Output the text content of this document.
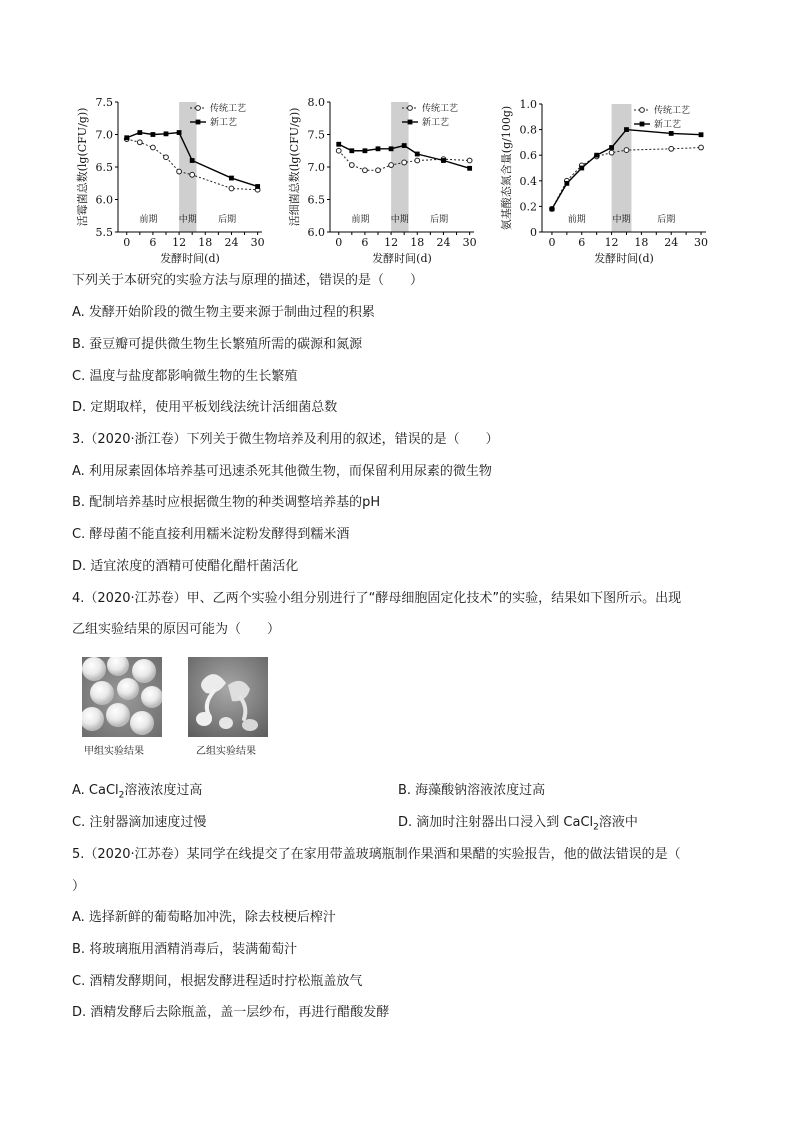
5.5
6.0
6.5
7.0
7.5
0 6 12 18 24 30
发酵时间(d)
活霉菌总数(lg(CFU/g))	前期 中期 后期
传统工艺
新工艺
6.0
6.5
7.0
7.5
8.0
0 6 12 18 24 30
发酵时间(d)
活细菌总数(lg(CFU/g))	前期 中期 后期
传统工艺
新工艺
0
0.2
0.4
0.6
0.8
1.0
0 6 12 18 24 30
发酵时间(d)
氨基酸态氮含量(g/100g)	前期	中期	后期
传统工艺
新工艺
下列关于本研究的实验方法与原理的描述，错误的是（　　）
A. 发酵开始阶段的微生物主要来源于制曲过程的积累
B. 蚕豆瓣可提供微生物生长繁殖所需的碳源和氮源
C. 温度与盐度都影响微生物的生长繁殖
D. 定期取样，使用平板划线法统计活细菌总数
3.（2020·浙江卷）下列关于微生物培养及利用的叙述，错误的是（　　）
A. 利用尿素固体培养基可迅速杀死其他微生物，而保留利用尿素的微生物
B. 配制培养基时应根据微生物的种类调整培养基的pH
C. 酵母菌不能直接利用糯米淀粉发酵得到糯米酒
D. 适宜浓度的酒精可使醋化醋杆菌活化
4.（2020·江苏卷）甲、乙两个实验小组分别进行了“酵母细胞固定化技术”的实验，结果如下图所示。出现
乙组实验结果的原因可能为（　　）
A. CaCl$_2$溶液浓度过高	B. 海藻酸钠溶液浓度过高
C. 注射器滴加速度过慢	D. 滴加时注射器出口浸入到 CaCl$_2$溶液中
5.（2020·江苏卷）某同学在线提交了在家用带盖玻璃瓶制作果酒和果醋的实验报告，他的做法错误的是（
）
A. 选择新鲜的葡萄略加冲洗，除去枝梗后榨汁
B. 将玻璃瓶用酒精消毒后，装满葡萄汁
C. 酒精发酵期间，根据发酵进程适时拧松瓶盖放气
D. 酒精发酵后去除瓶盖，盖一层纱布，再进行醋酸发酵
甲组实验结果	乙组实验结果
